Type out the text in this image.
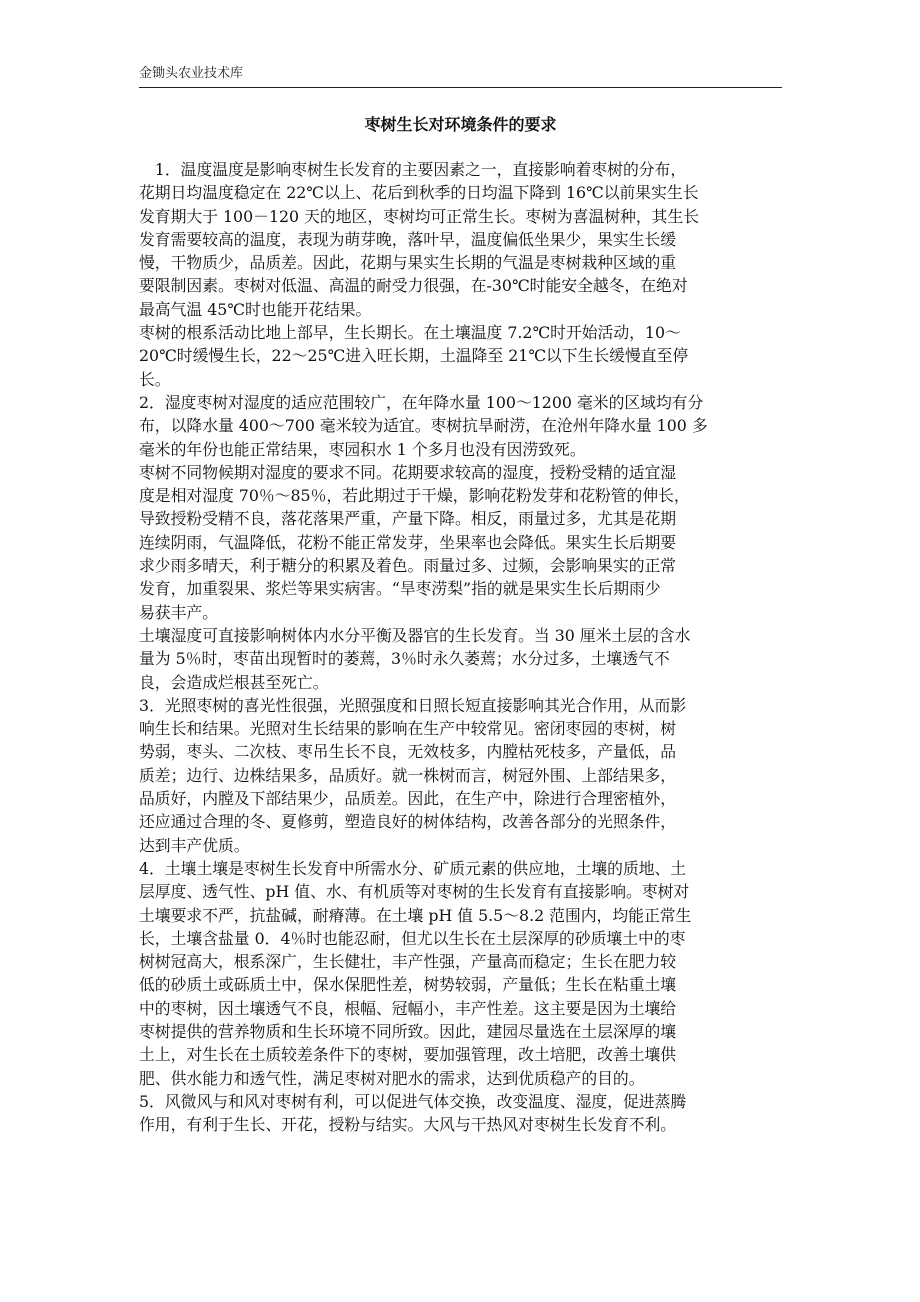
金锄头农业技术库
枣树生长对环境条件的要求
　1．温度温度是影响枣树生长发育的主要因素之一，直接影响着枣树的分布，
花期日均温度稳定在 22℃以上、花后到秋季的日均温下降到 16℃以前果实生长
发育期大于 100－120 天的地区，枣树均可正常生长。枣树为喜温树种，其生长
发育需要较高的温度，表现为萌芽晚，落叶早，温度偏低坐果少，果实生长缓
慢，干物质少，品质差。因此，花期与果实生长期的气温是枣树栽种区域的重
要限制因素。枣树对低温、高温的耐受力很强，在-30℃时能安全越冬，在绝对
最高气温 45℃时也能开花结果。
枣树的根系活动比地上部早，生长期长。在土壤温度 7.2℃时开始活动，10～
20℃时缓慢生长，22～25℃进入旺长期，土温降至 21℃以下生长缓慢直至停
长。
2．湿度枣树对湿度的适应范围较广，在年降水量 100～1200 毫米的区域均有分
布，以降水量 400～700 毫米较为适宜。枣树抗旱耐涝，在沧州年降水量 100 多
毫米的年份也能正常结果，枣园积水 1 个多月也没有因涝致死。
枣树不同物候期对湿度的要求不同。花期要求较高的湿度，授粉受精的适宜湿
度是相对湿度 70％～85％，若此期过于干燥，影响花粉发芽和花粉管的伸长，
导致授粉受精不良，落花落果严重，产量下降。相反，雨量过多，尤其是花期
连续阴雨，气温降低，花粉不能正常发芽，坐果率也会降低。果实生长后期要
求少雨多晴天，利于糖分的积累及着色。雨量过多、过频，会影响果实的正常
发育，加重裂果、浆烂等果实病害。“旱枣涝梨”指的就是果实生长后期雨少
易获丰产。
土壤湿度可直接影响树体内水分平衡及器官的生长发育。当 30 厘米土层的含水
量为 5％时，枣苗出现暂时的萎蔫，3％时永久萎蔫；水分过多，土壤透气不
良，会造成烂根甚至死亡。
3．光照枣树的喜光性很强，光照强度和日照长短直接影响其光合作用，从而影
响生长和结果。光照对生长结果的影响在生产中较常见。密闭枣园的枣树，树
势弱，枣头、二次枝、枣吊生长不良，无效枝多，内膛枯死枝多，产量低，品
质差；边行、边株结果多，品质好。就一株树而言，树冠外围、上部结果多，
品质好，内膛及下部结果少，品质差。因此，在生产中，除进行合理密植外，
还应通过合理的冬、夏修剪，塑造良好的树体结构，改善各部分的光照条件，
达到丰产优质。
4．土壤土壤是枣树生长发育中所需水分、矿质元素的供应地，土壤的质地、土
层厚度、透气性、pH 值、水、有机质等对枣树的生长发育有直接影响。枣树对
土壤要求不严，抗盐碱，耐瘠薄。在土壤 pH 值 5.5～8.2 范围内，均能正常生
长，土壤含盐量 0．4％时也能忍耐，但尤以生长在土层深厚的砂质壤土中的枣
树树冠高大，根系深广，生长健壮，丰产性强，产量高而稳定；生长在肥力较
低的砂质土或砾质土中，保水保肥性差，树势较弱，产量低；生长在粘重土壤
中的枣树，因土壤透气不良，根幅、冠幅小，丰产性差。这主要是因为土壤给
枣树提供的营养物质和生长环境不同所致。因此，建园尽量选在土层深厚的壤
土上，对生长在土质较差条件下的枣树，要加强管理，改土培肥，改善土壤供
肥、供水能力和透气性，满足枣树对肥水的需求，达到优质稳产的目的。
5．风微风与和风对枣树有利，可以促进气体交换，改变温度、湿度，促进蒸腾
作用，有利于生长、开花，授粉与结实。大风与干热风对枣树生长发育不利。
